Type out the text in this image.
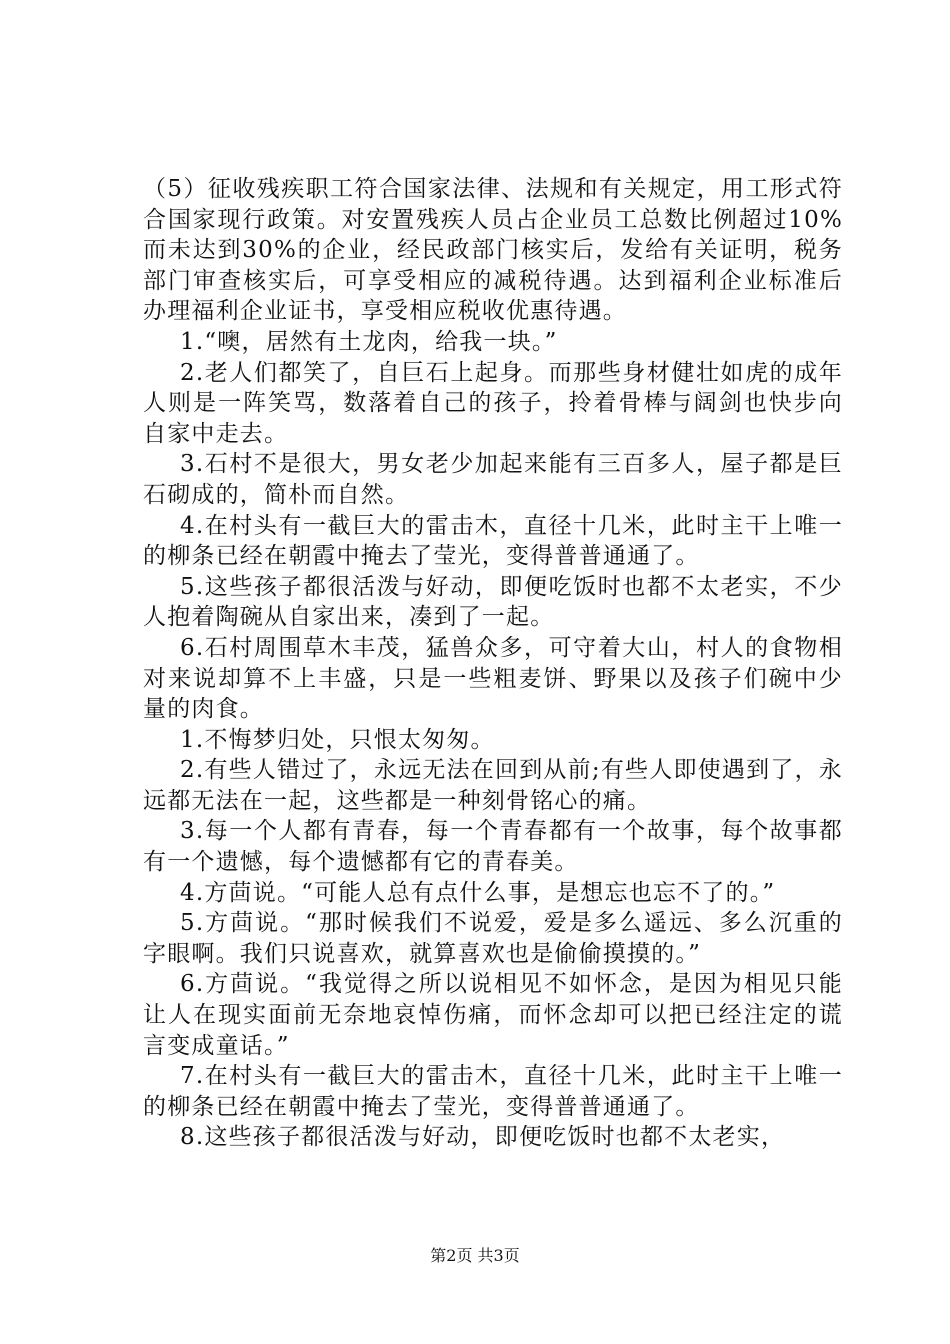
（5）征收残疾职工符合国家法律、法规和有关规定，用工形式符合国家现行政策。对安置残疾人员占企业员工总数比例超过10%而未达到30%的企业，经民政部门核实后，发给有关证明，税务部门审查核实后，可享受相应的减税待遇。达到福利企业标准后办理福利企业证书，享受相应税收优惠待遇。

1.“噢，居然有土龙肉，给我一块。”

2.老人们都笑了，自巨石上起身。而那些身材健壮如虎的成年人则是一阵笑骂，数落着自己的孩子，拎着骨棒与阔剑也快步向自家中走去。

3.石村不是很大，男女老少加起来能有三百多人，屋子都是巨石砌成的，简朴而自然。

4.在村头有一截巨大的雷击木，直径十几米，此时主干上唯一的柳条已经在朝霞中掩去了莹光，变得普普通通了。

5.这些孩子都很活泼与好动，即便吃饭时也都不太老实，不少人抱着陶碗从自家出来，凑到了一起。

6.石村周围草木丰茂，猛兽众多，可守着大山，村人的食物相对来说却算不上丰盛，只是一些粗麦饼、野果以及孩子们碗中少量的肉食。

1.不悔梦归处，只恨太匆匆。

2.有些人错过了，永远无法在回到从前;有些人即使遇到了，永远都无法在一起，这些都是一种刻骨铭心的痛。

3.每一个人都有青春，每一个青春都有一个故事，每个故事都有一个遗憾，每个遗憾都有它的青春美。

4.方茴说。“可能人总有点什么事，是想忘也忘不了的。”

5.方茴说。“那时候我们不说爱，爱是多么遥远、多么沉重的字眼啊。我们只说喜欢，就算喜欢也是偷偷摸摸的。”

6.方茴说。“我觉得之所以说相见不如怀念，是因为相见只能让人在现实面前无奈地哀悼伤痛，而怀念却可以把已经注定的谎言变成童话。”

7.在村头有一截巨大的雷击木，直径十几米，此时主干上唯一的柳条已经在朝霞中掩去了莹光，变得普普通通了。

8.这些孩子都很活泼与好动，即便吃饭时也都不太老实，

第2页 共3页
